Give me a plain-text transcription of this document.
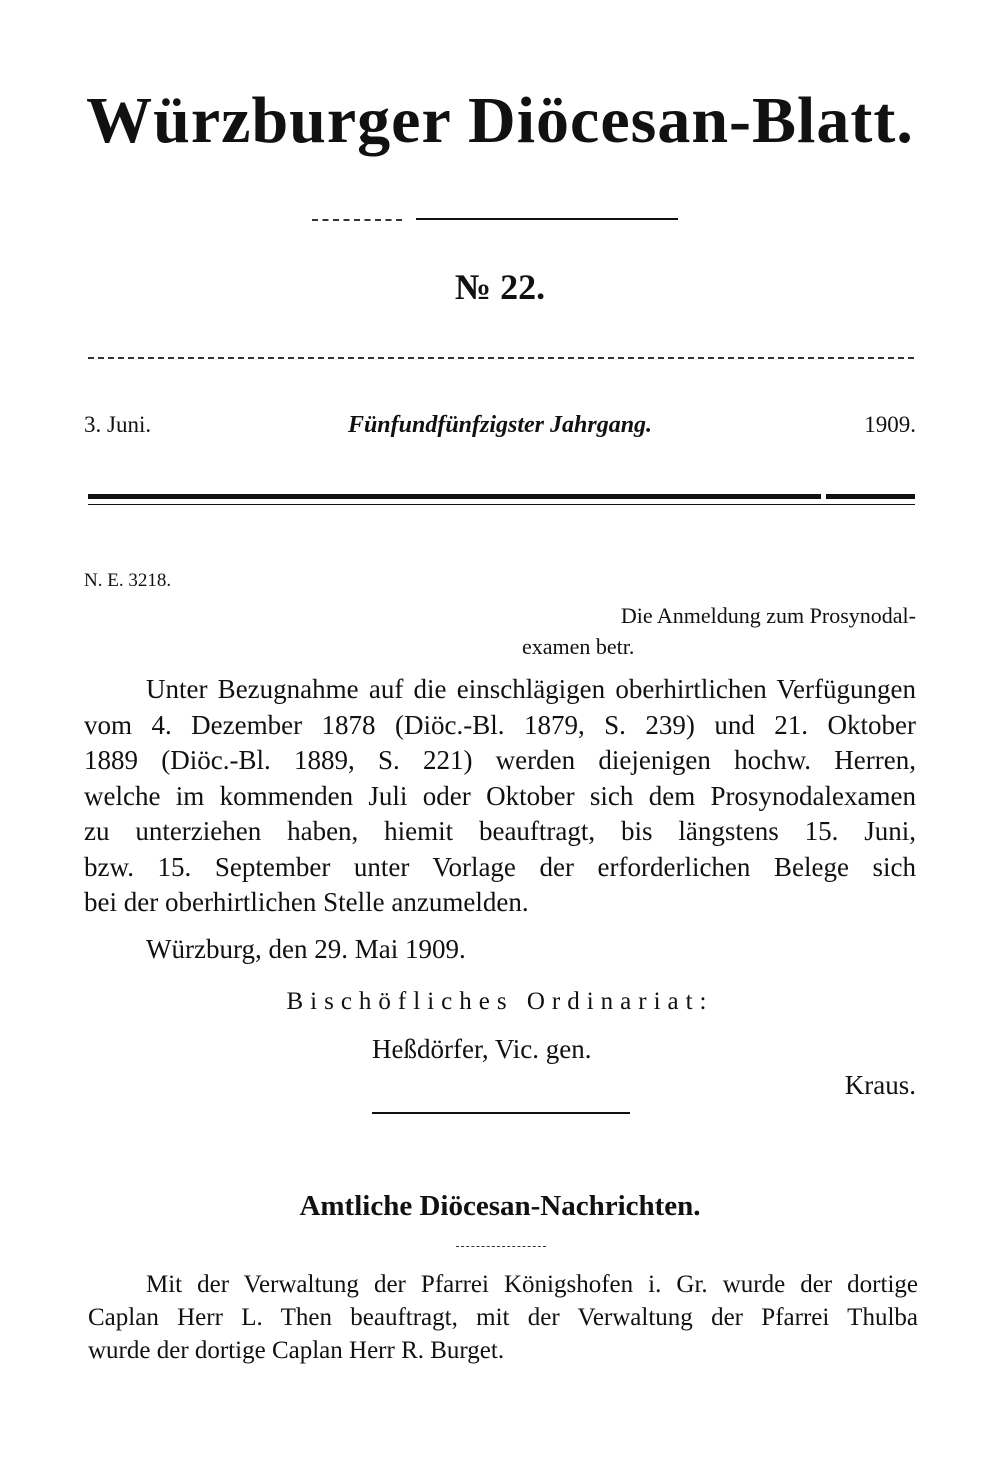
Würzburger Diöcesan-Blatt.
№ 22.
3. Juni.	Fünfundfünfzigster Jahrgang.	1909.
N. E. 3218.
Die Anmeldung zum Prosynodal-
examen betr.
Unter Bezugnahme auf die einschlägigen oberhirtlichen Verfügungen
vom 4. Dezember 1878 (Diöc.-Bl. 1879, S. 239) und 21. Oktober
1889 (Diöc.-Bl. 1889, S. 221) werden diejenigen hochw. Herren,
welche im kommenden Juli oder Oktober sich dem Prosynodalexamen
zu unterziehen haben, hiemit beauftragt, bis längstens 15. Juni,
bzw. 15. September unter Vorlage der erforderlichen Belege sich
bei der oberhirtlichen Stelle anzumelden.
Würzburg, den 29. Mai 1909.
Bischöfliches Ordinariat:
Heßdörfer, Vic. gen.
Kraus.
Amtliche Diöcesan-Nachrichten.
Mit der Verwaltung der Pfarrei Königshofen i. Gr. wurde der dortige
Caplan Herr L. Then beauftragt, mit der Verwaltung der Pfarrei Thulba
wurde der dortige Caplan Herr R. Burget.
